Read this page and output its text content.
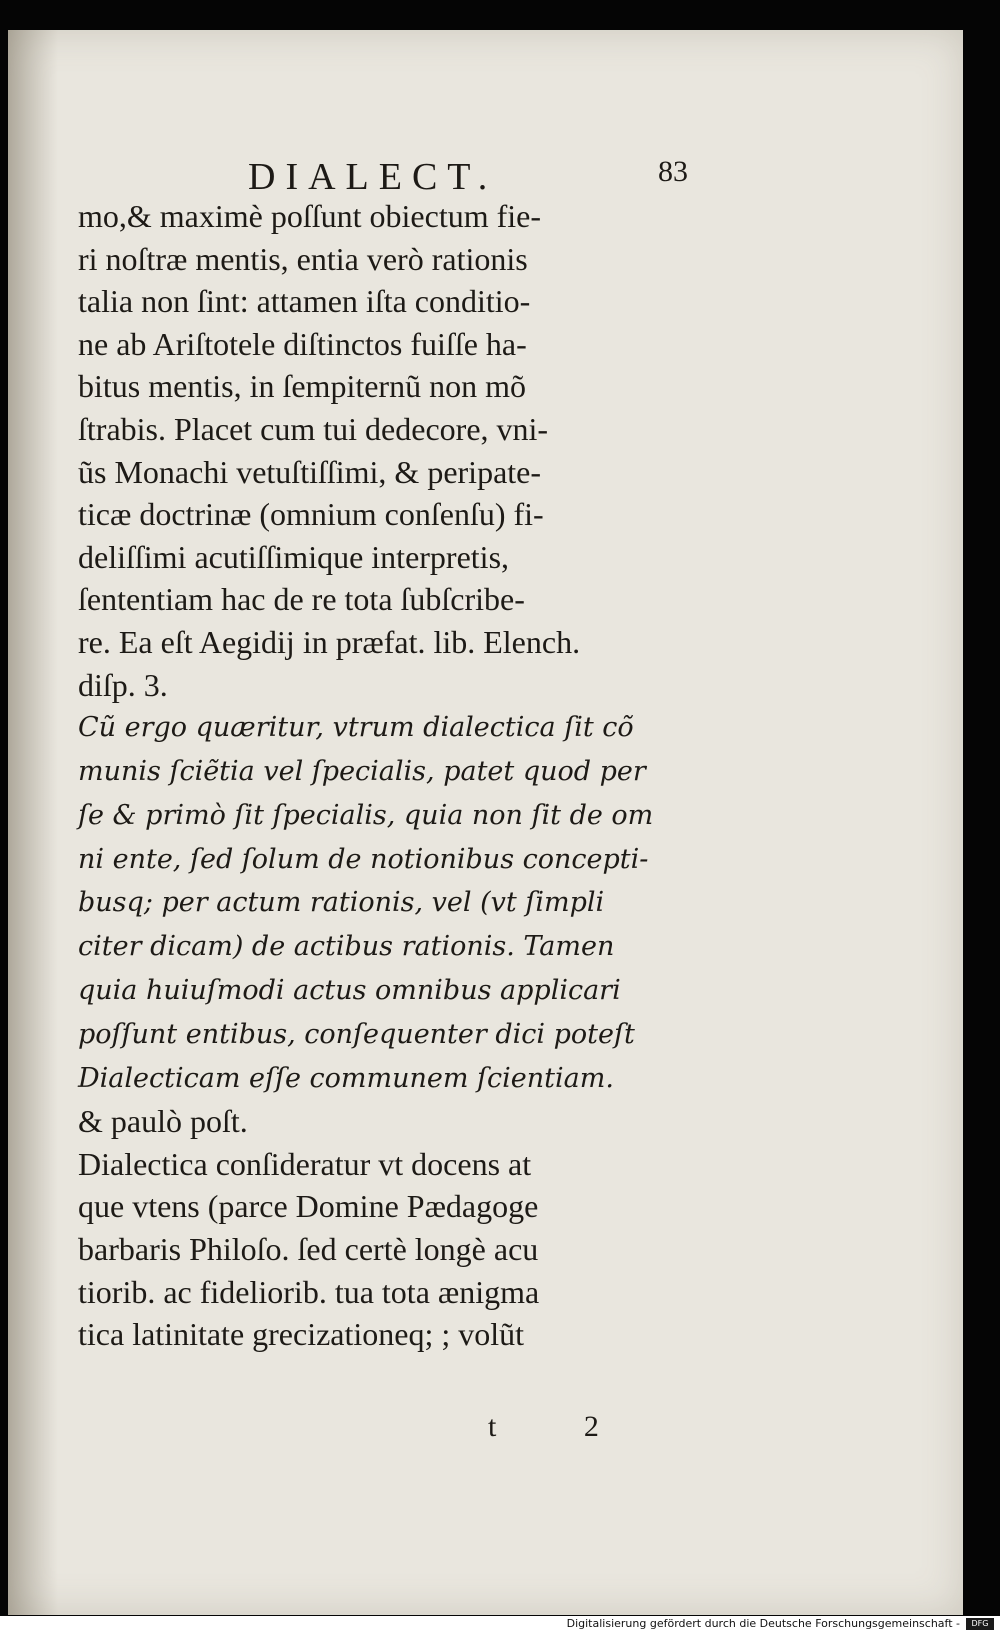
DIALECT.	83
mo,& maximè poſſunt obiectum fie-
ri noſtræ mentis, entia verò rationis
talia non ſint: attamen iſta conditio-
ne ab Ariſtotele diſtinctos fuiſſe ha-
bitus mentis, in ſempiternũ non mõ
ſtrabis. Placet cum tui dedecore, vni-
ũs Monachi vetuſtiſſimi, & peripate-
ticæ doctrinæ (omnium conſenſu) fi-
deliſſimi acutiſſimique interpretis,
ſententiam hac de re tota ſubſcribe-
re. Ea eſt Aegidij in præfat. lib. Elench.
diſp. 3.
Cũ ergo quæritur, vtrum dialectica ſit cõ
munis ſciẽtia vel ſpecialis, patet quod per
ſe & primò ſit ſpecialis, quia non ſit de om
ni ente, ſed ſolum de notionibus concepti-
busq; per actum rationis, vel (vt ſimpli
citer dicam) de actibus rationis. Tamen
quia huiuſmodi actus omnibus applicari
poſſunt entibus, conſequenter dici poteſt
Dialecticam eſſe communem ſcientiam.
& paulò poſt.
Dialectica conſideratur vt docens at
que vtens (parce Domine Pædagoge
barbaris Philoſo. ſed certè longè acu
tiorib. ac fideliorib. tua tota ænigma
tica latinitate grecizationeq; ; volũt
t 2
Digitalisierung gefördert durch die Deutsche Forschungsgemeinschaft -	DFG
